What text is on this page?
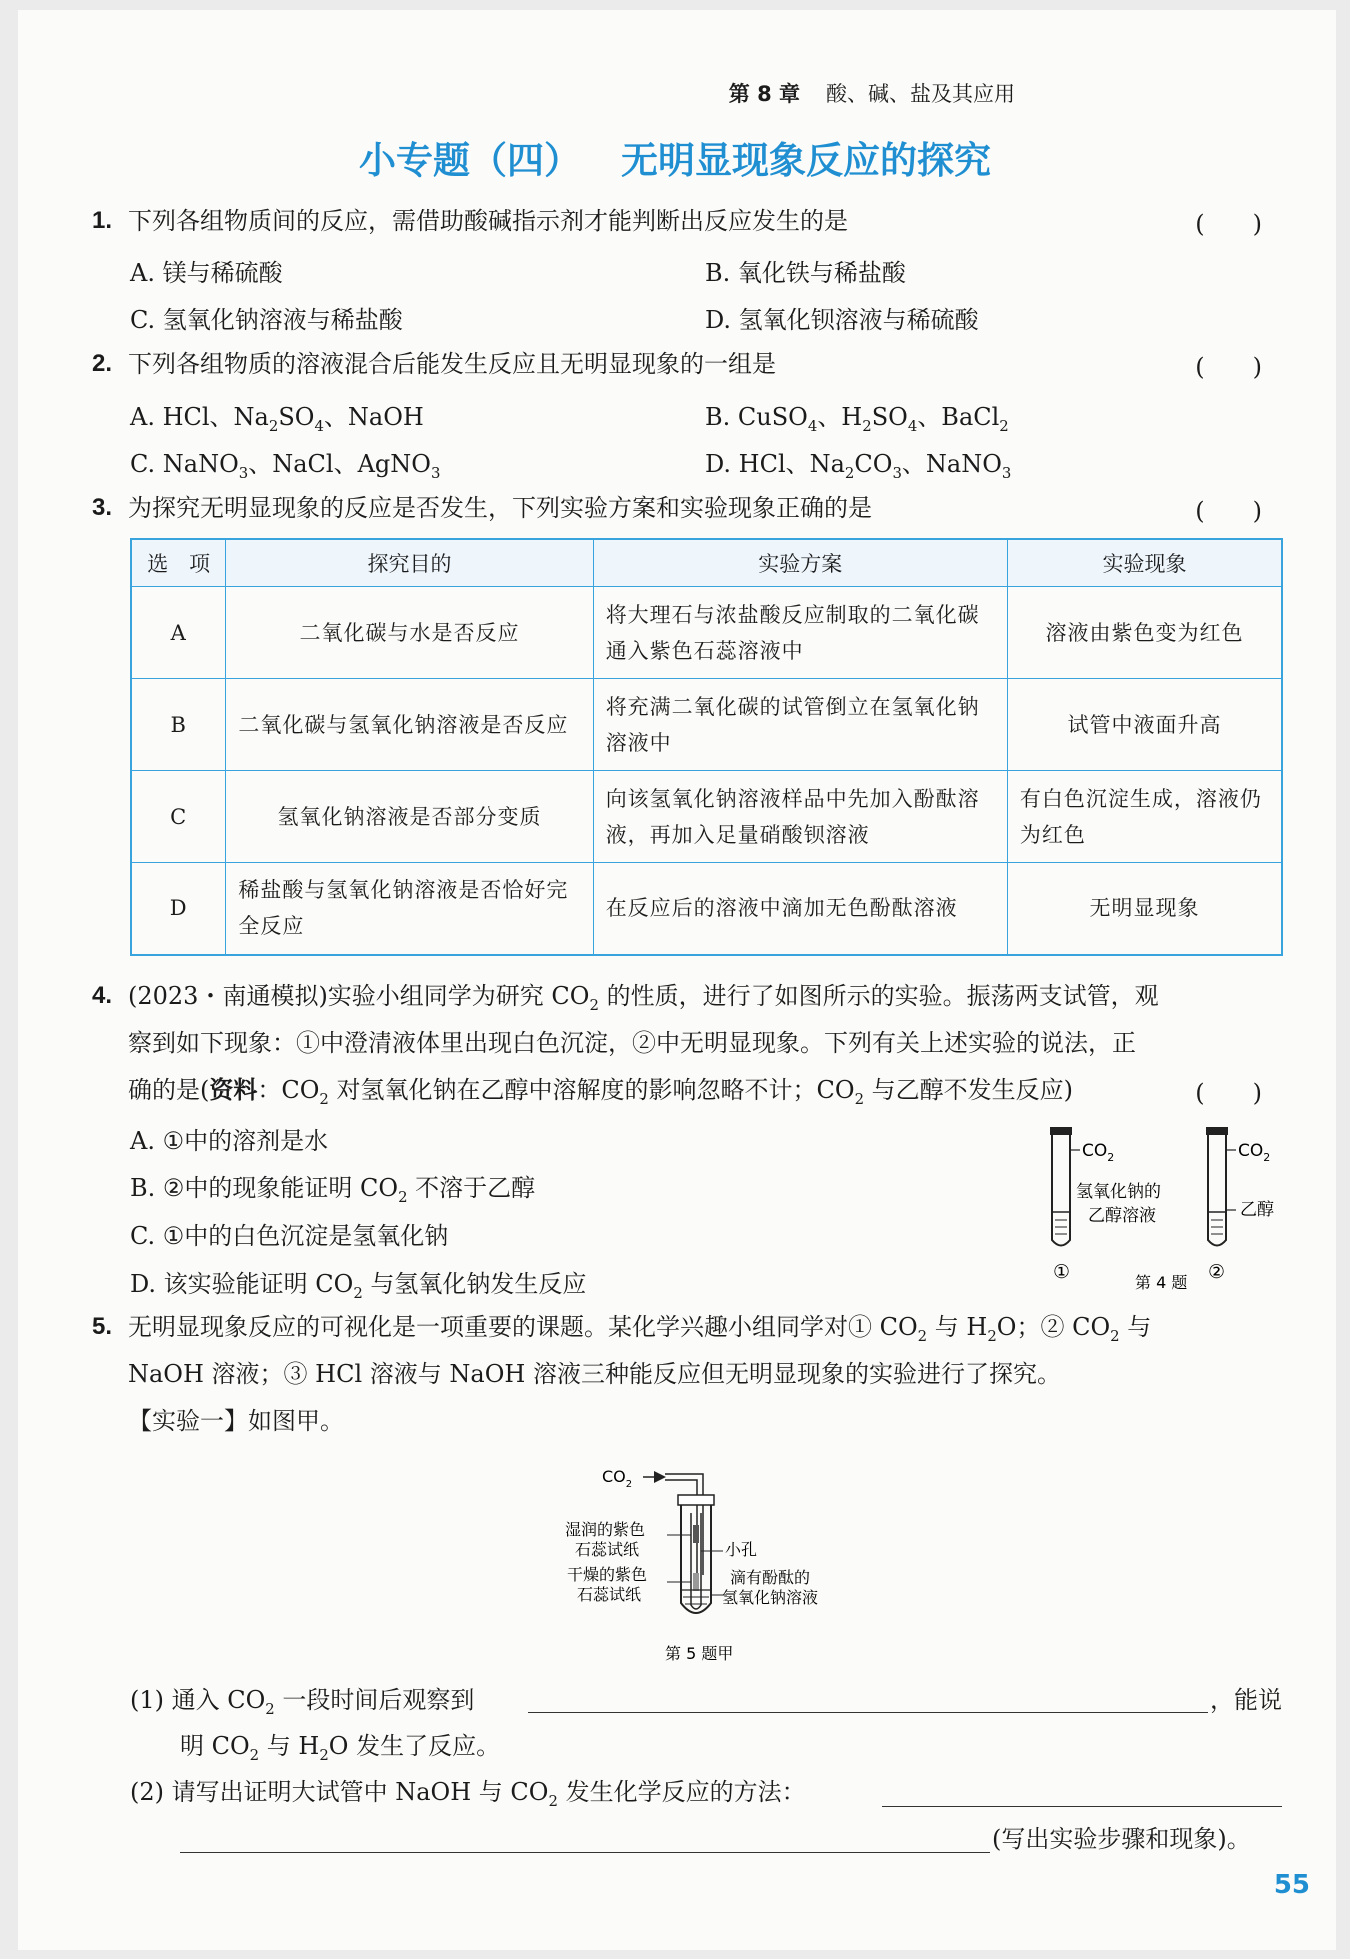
第 8 章 酸、碱、盐及其应用
小专题（四） 无明显现象反应的探究
1. 下列各组物质间的反应，需借助酸碱指示剂才能判断出反应发生的是	(　　)
A. 镁与稀硫酸	B. 氧化铁与稀盐酸
C. 氢氧化钠溶液与稀盐酸	D. 氢氧化钡溶液与稀硫酸
2. 下列各组物质的溶液混合后能发生反应且无明显现象的一组是	(　　)
A. HCl、$Na_2SO_4$、NaOH	B. CuSO$_4$、$H_2SO_4$、BaCl$_2$
C. NaNO$_3$、NaCl、AgNO$_3$	D. HCl、$Na_2CO_3$、NaNO$_3$
3. 为探究无明显现象的反应是否发生，下列实验方案和实验现象正确的是	(　　)
选　项	探究目的	实验方案	实验现象
A	二氧化碳与水是否反应	将大理石与浓盐酸反应制取的二氧化碳通入紫色石蕊溶液中	溶液由紫色变为红色
B	二氧化碳与氢氧化钠溶液是否反应	将充满二氧化碳的试管倒立在氢氧化钠溶液中	试管中液面升高
C	氢氧化钠溶液是否部分变质	向该氢氧化钠溶液样品中先加入酚酞溶液，再加入足量硝酸钡溶液	有白色沉淀生成，溶液仍为红色
D	稀盐酸与氢氧化钠溶液是否恰好完全反应	在反应后的溶液中滴加无色酚酞溶液	无明显现象
4. (2023・南通模拟)实验小组同学为研究 $CO_2$ 的性质，进行了如图所示的实验。振荡两支试管，观
察到如下现象：①中澄清液体里出现白色沉淀，②中无明显现象。下列有关上述实验的说法，正
确的是(资料：$CO_2$ 对氢氧化钠在乙醇中溶解度的影响忽略不计；$CO_2$ 与乙醇不发生反应)	(　　)
A. ①中的溶剂是水
B. ②中的现象能证明 $CO_2$ 不溶于乙醇
C. ①中的白色沉淀是氢氧化钠
D. 该实验能证明 $CO_2$ 与氢氧化钠发生反应
$CO_2$
氢氧化钠的
乙醇溶液
①
$CO_2$
乙醇
②
第 4 题
5. 无明显现象反应的可视化是一项重要的课题。某化学兴趣小组同学对① $CO_2$ 与 $H_2O$；② $CO_2$ 与
NaOH 溶液；③ HCl 溶液与 NaOH 溶液三种能反应但无明显现象的实验进行了探究。
【实验一】如图甲。
$CO_2$
湿润的紫色
石蕊试纸
干燥的紫色
石蕊试纸
小孔
滴有酚酞的
氢氧化钠溶液
第 5 题甲
(1) 通入 $CO_2$ 一段时间后观察到	，能说
明 $CO_2$ 与 $H_2O$ 发生了反应。
(2) 请写出证明大试管中 NaOH 与 $CO_2$ 发生化学反应的方法：
(写出实验步骤和现象)。
55
